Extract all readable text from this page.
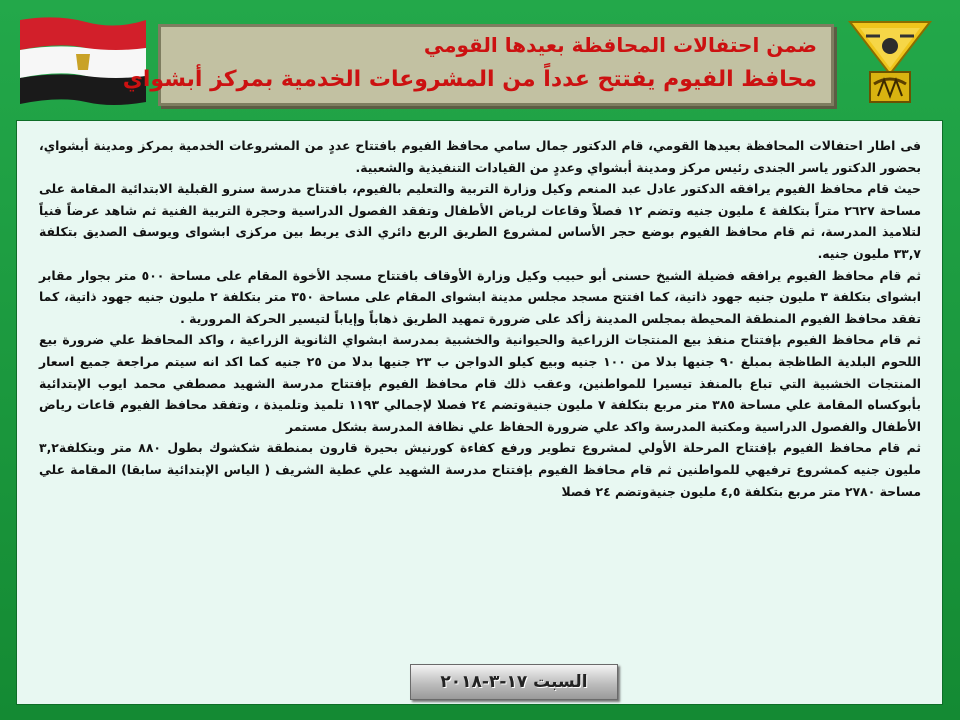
ضمن احتفالات المحافظة بعيدها القومي
محافظ الفيوم يفتتح عدداً من المشروعات الخدمية بمركز أبشواي

فى اطار احتفالات المحافظة بعيدها القومي، قام الدكتور جمال سامي محافظ الفيوم بافتتاح عددٍ من المشروعات الخدمية بمركز ومدينة أبشواي، بحضور الدكتور ياسر الجندى رئيس مركز ومدينة أبشواي وعددٍ من القيادات التنفيذية والشعبية.

حيث قام محافظ الفيوم يرافقه الدكتور عادل عبد المنعم وكيل وزارة التربية والتعليم بالفيوم، بافتتاح مدرسة سنرو القبلية الابتدائية المقامة على مساحة ٢٦٢٧ متراً بتكلفة ٤ مليون جنيه وتضم ١٢ فصلاً وقاعات لرياض الأطفال وتفقد الفصول الدراسية وحجرة التربية الفنية ثم شاهد عرضاً فنياً لتلاميذ المدرسة، ثم قام محافظ الفيوم بوضع حجر الأساس لمشروع الطريق الربع دائري الذى يربط بين مركزى ابشواى ويوسف الصديق بتكلفة ٣٣,٧ مليون جنيه.

ثم قام محافظ الفيوم يرافقه فضيلة الشيخ حسنى أبو حبيب وكيل وزارة الأوقاف بافتتاح مسجد الأخوة المقام على مساحة ٥٠٠ متر بجوار مقابر ابشواى بتكلفة ٣ مليون جنيه جهود ذاتية، كما افتتح مسجد مجلس مدينة ابشواى المقام على مساحة ٣٥٠ متر بتكلفة ٢ مليون جنيه جهود ذاتية، كما تفقد محافظ الفيوم المنطقة المحيطة بمجلس المدينة زأكد على ضرورة تمهيد الطريق ذهاباً وإياباً لتيسير الحركة المرورية .

ثم قام محافظ الفيوم بإفتتاح منفذ بيع المنتجات الزراعية والحيوانية والخشبية بمدرسة ابشواي الثانوية الزراعية ، واكد المحافظ علي ضرورة بيع اللحوم البلدية الطاظجة بمبلغ ٩٠ جنيها بدلا من ١٠٠ جنيه وبيع كيلو الدواجن ب ٢٣ جنيها بدلا من ٢٥ جنيه كما اكد انه سيتم مراجعة جميع اسعار المنتجات الخشبية التي تباع بالمنفذ تيسيرا للمواطنين، وعقب ذلك قام محافظ الفيوم بإفتتاح مدرسة الشهيد مصطفي محمد ايوب الإبتدائية بأبوكساه المقامة علي مساحة ٣٨٥ متر مربع بتكلفة ٧ مليون جنيةوتضم ٢٤ فصلا لإجمالي ١١٩٣ تلميذ وتلميذة ، وتفقد محافظ الفيوم قاعات رياض الأطفال والفصول الدراسية ومكتبة المدرسة واكد علي ضرورة الحفاظ علي نظافة المدرسة بشكل مستمر

ثم قام محافظ الفيوم بإفتتاح المرحلة الأولي لمشروع تطوير ورفع كفاءة كورنيش بحيرة قارون بمنطقة شكشوك بطول ٨٨٠ متر وبتكلفة٣,٢ مليون جنيه كمشروع ترفيهي للمواطنين ثم قام محافظ الفيوم بإفتتاح مدرسة الشهيد علي عطية الشريف ( الياس الإبتدائية سابقا) المقامة علي مساحة ٢٧٨٠ متر مربع بتكلفة ٤,٥ مليون جنيةوتضم ٢٤ فصلا

السبت ١٧-٣-٢٠١٨
